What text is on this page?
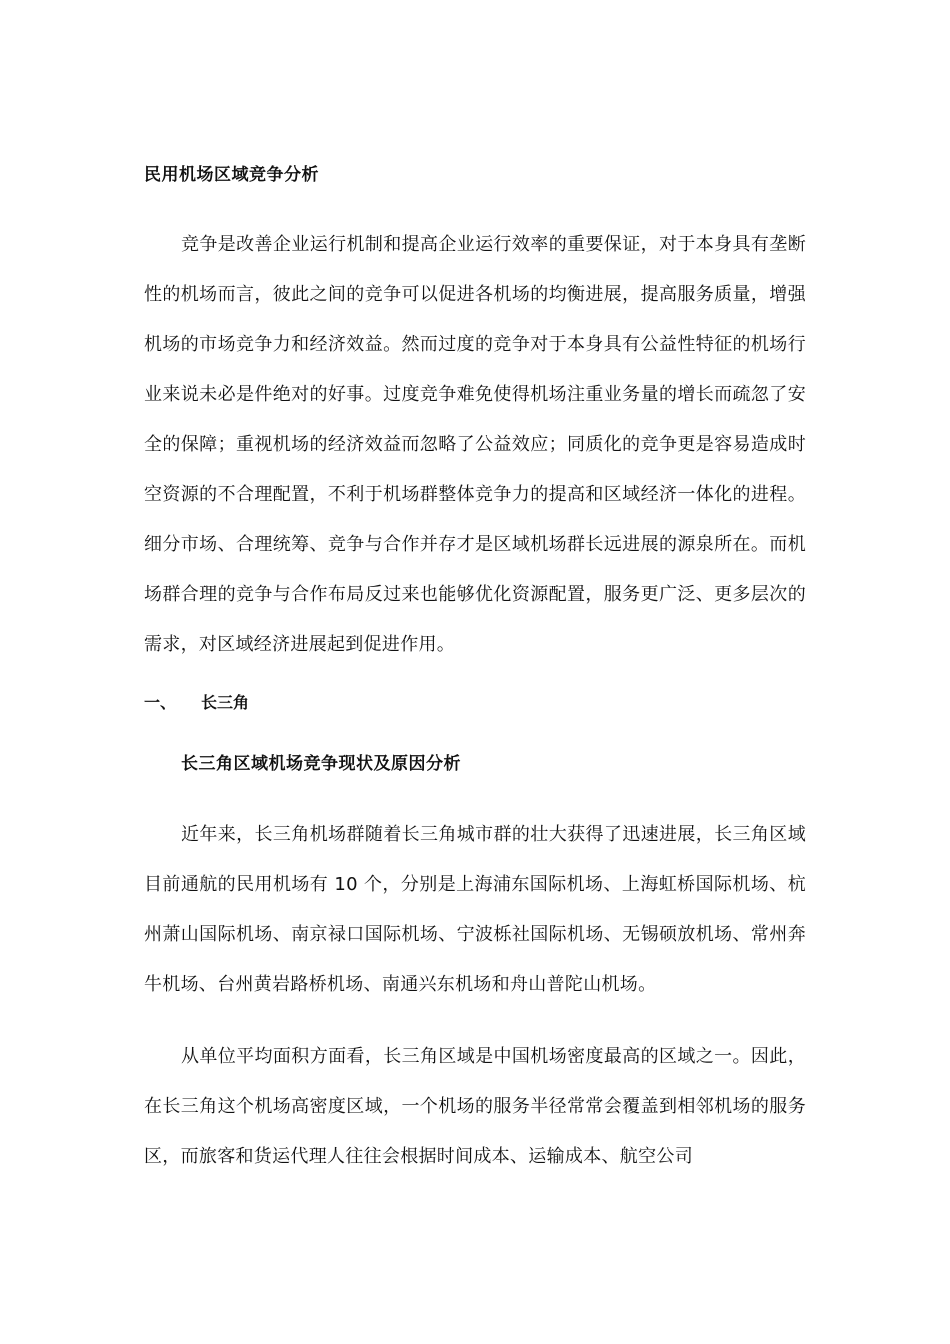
民用机场区域竞争分析

竞争是改善企业运行机制和提高企业运行效率的重要保证，对于本身具有垄断性的机场而言，彼此之间的竞争可以促进各机场的均衡进展，提高服务质量，增强机场的市场竞争力和经济效益。然而过度的竞争对于本身具有公益性特征的机场行业来说未必是件绝对的好事。过度竞争难免使得机场注重业务量的增长而疏忽了安全的保障；重视机场的经济效益而忽略了公益效应；同质化的竞争更是容易造成时空资源的不合理配置，不利于机场群整体竞争力的提高和区域经济一体化的进程。细分市场、合理统筹、竞争与合作并存才是区域机场群长远进展的源泉所在。而机场群合理的竞争与合作布局反过来也能够优化资源配置，服务更广泛、更多层次的需求，对区域经济进展起到促进作用。

一、 长三角
长三角区域机场竞争现状及原因分析

近年来，长三角机场群随着长三角城市群的壮大获得了迅速进展，长三角区域目前通航的民用机场有 10 个，分别是上海浦东国际机场、上海虹桥国际机场、杭州萧山国际机场、南京禄口国际机场、宁波栎社国际机场、无锡硕放机场、常州奔牛机场、台州黄岩路桥机场、南通兴东机场和舟山普陀山机场。

从单位平均面积方面看，长三角区域是中国机场密度最高的区域之一。因此，在长三角这个机场高密度区域，一个机场的服务半径常常会覆盖到相邻机场的服务区，而旅客和货运代理人往往会根据时间成本、运输成本、航空公司
